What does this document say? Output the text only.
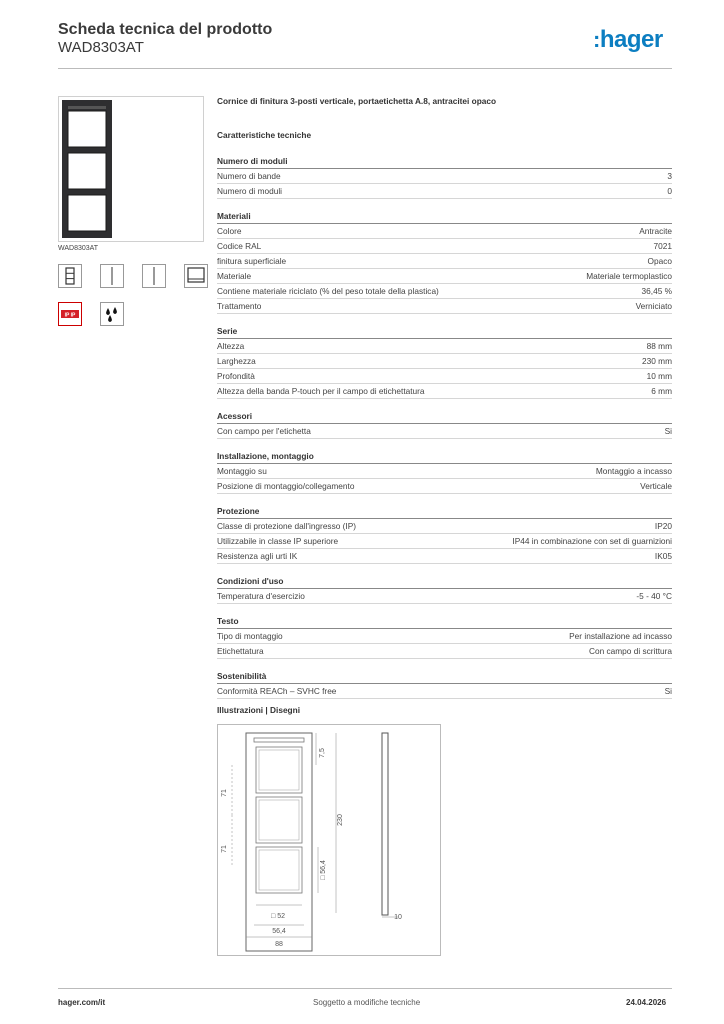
Scheda tecnica del prodotto
WAD8303AT	:hager
WAD8303AT
IP IP
Cornice di finitura 3-posti verticale, portaetichetta A.8, antracitei opaco
Caratteristiche tecniche
Numero di moduli
Numero di bande	3
Numero di moduli	0
Materiali
Colore	Antracite
Codice RAL	7021
finitura superficiale	Opaco
Materiale	Materiale termoplastico
Contiene materiale riciclato (% del peso totale della plastica)	36,45 %
Trattamento	Verniciato
Serie
Altezza	88 mm
Larghezza	230 mm
Profondità	10 mm
Altezza della banda P-touch per il campo di etichettatura	6 mm
Acessori
Con campo per l'etichetta	Si
Installazione, montaggio
Montaggio su	Montaggio a incasso
Posizione di montaggio/collegamento	Verticale
Protezione
Classe di protezione dall'ingresso (IP)	IP20
Utilizzabile in classe IP superiore	IP44 in combinazione con set di guarnizioni
Resistenza agli urti IK	IK05
Condizioni d'uso
Temperatura d'esercizio	-5 - 40 °C
Testo
Tipo di montaggio	Per installazione ad incasso
Etichettatura	Con campo di scrittura
Sostenibilità
Conformità REACh – SVHC free	Si
Illustrazioni | Disegni
7,5
71
71
230
□ 56,4
□ 52
56,4
88
10
hager.com/it	Soggetto a modifiche tecniche	24.04.2026
